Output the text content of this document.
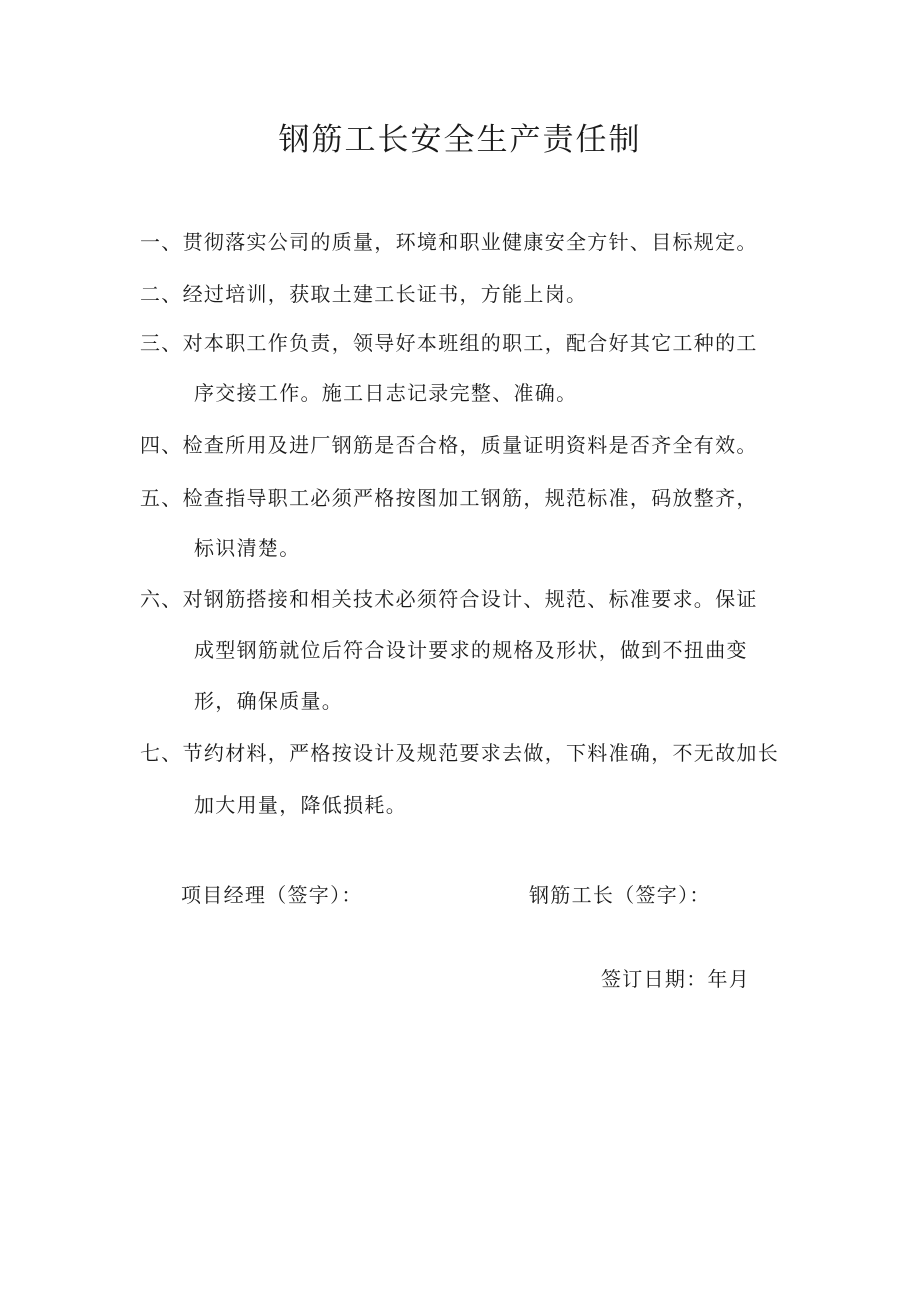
钢筋工长安全生产责任制
一、贯彻落实公司的质量，环境和职业健康安全方针、目标规定。
二、经过培训，获取土建工长证书，方能上岗。
三、对本职工作负责，领导好本班组的职工，配合好其它工种的工
序交接工作。施工日志记录完整、准确。
四、检查所用及进厂钢筋是否合格，质量证明资料是否齐全有效。
五、检查指导职工必须严格按图加工钢筋，规范标准，码放整齐，
标识清楚。
六、对钢筋搭接和相关技术必须符合设计、规范、标准要求。保证
成型钢筋就位后符合设计要求的规格及形状，做到不扭曲变
形，确保质量。
七、节约材料，严格按设计及规范要求去做，下料准确，不无故加长
加大用量，降低损耗。
项目经理（签字）：	钢筋工长（签字）：
签订日期：年月
